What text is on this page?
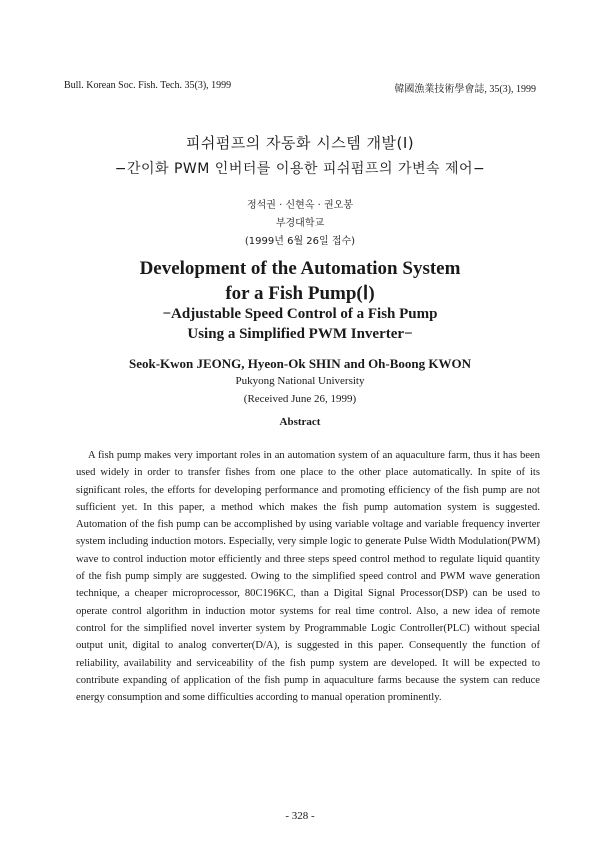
Bull. Korean Soc. Fish. Tech. 35(3), 1999	韓國漁業技術學會誌, 35(3), 1999
피쉬펌프의 자동화 시스템 개발(Ⅰ)
−간이화 PWM 인버터를 이용한 피쉬펌프의 가변속 제어−
정석권 · 신현옥 · 권오봉
부경대학교
(1999년 6월 26일 접수)
Development of the Automation System
for a Fish Pump(Ⅰ)
−Adjustable Speed Control of a Fish Pump
Using a Simplified PWM Inverter−
Seok-Kwon JEONG, Hyeon-Ok SHIN and Oh-Boong KWON
Pukyong National University
(Received June 26, 1999)
Abstract

A fish pump makes very important roles in an automation system of an aquaculture farm, thus it has been used widely in order to transfer fishes from one place to the other place automatically. In spite of its significant roles, the efforts for developing performance and promoting efficiency of the fish pump are not sufficient yet. In this paper, a method which makes the fish pump automation system is suggested. Automation of the fish pump can be accomplished by using variable voltage and variable frequency inverter system including induction motors. Especially, very simple logic to generate Pulse Width Modulation(PWM) wave to control induction motor efficiently and three steps speed control method to regulate liquid quantity of the fish pump simply are suggested. Owing to the simplified speed control and PWM wave generation technique, a cheaper microprocessor, 80C196KC, than a Digital Signal Processor(DSP) can be used to operate control algorithm in induction motor systems for real time control. Also, a new idea of remote control for the simplified novel inverter system by Programmable Logic Controller(PLC) without special output unit, digital to analog converter(D/A), is suggested in this paper. Consequently the function of reliability, availability and serviceability of the fish pump system are developed. It will be expected to contribute expanding of application of the fish pump in aquaculture farms because the system can reduce energy consumption and some difficulties according to manual operation prominently.

- 328 -
